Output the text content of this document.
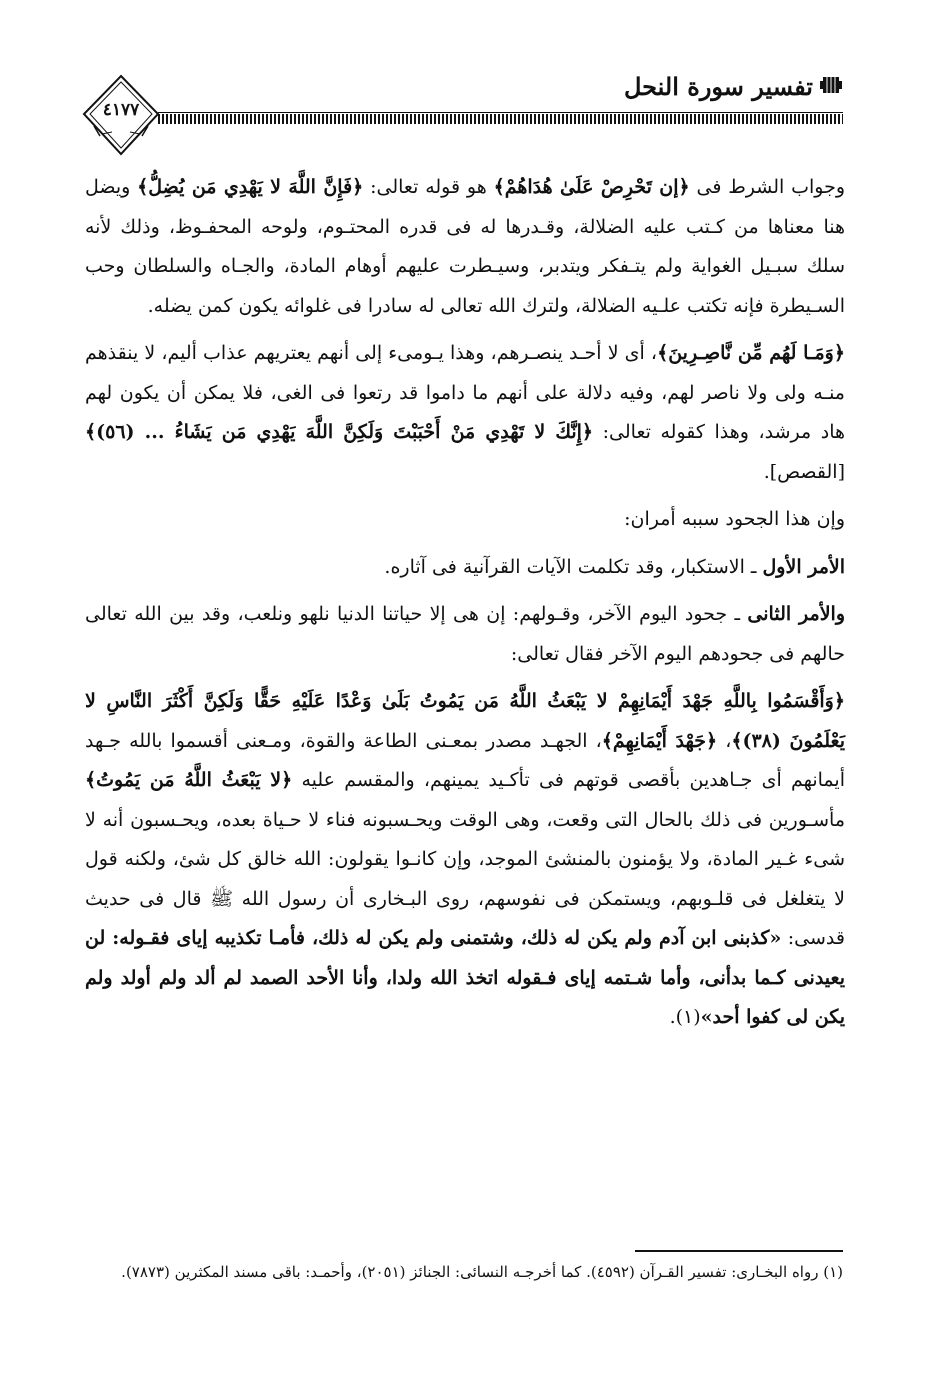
تفسير سورة النحل
٤١٧٧

وجواب الشرط فى ﴿إن تَحْرِصْ عَلَىٰ هُدَاهُمْ﴾ هو قوله تعالى: ﴿فَإِنَّ اللَّهَ لا يَهْدِي مَن يُضِلُّ﴾ ويضل هنا معناها من كـتب عليه الضلالة، وقـدرها له فى قدره المحتـوم، ولوحه المحفـوظ، وذلك لأنه سلك سبـيل الغواية ولم يتـفكر ويتدبر، وسيـطرت عليهم أوهام المادة، والجـاه والسلطان وحب السـيطرة فإنه تكتب علـيه الضلالة، ولترك الله تعالى له سادرا فى غلوائه يكون كمن يضله.

﴿وَمَـا لَهُم مِّن نَّاصِـرِينَ﴾، أى لا أحـد ينصـرهم، وهذا يـومىء إلى أنهم يعتريهم عذاب أليم، لا ينقذهم منـه ولى ولا ناصر لهم، وفيه دلالة على أنهم ما داموا قد رتعوا فى الغى، فلا يمكن أن يكون لهم هاد مرشد، وهذا كقوله تعالى: ﴿إِنَّكَ لا تَهْدِي مَنْ أَحْبَبْتَ وَلَكِنَّ اللَّهَ يَهْدِي مَن يَشَاءُ ... (٥٦)﴾ [القصص].

وإن هذا الجحود سببه أمران:

الأمر الأول ـ الاستكبار، وقد تكلمت الآيات القرآنية فى آثاره.

والأمر الثانى ـ جحود اليوم الآخر، وقـولهم: إن هى إلا حياتنا الدنيا نلهو ونلعب، وقد بين الله تعالى حالهم فى جحودهم اليوم الآخر فقال تعالى:

﴿وَأَقْسَمُوا بِاللَّهِ جَهْدَ أَيْمَانِهِمْ لا يَبْعَثُ اللَّهُ مَن يَمُوتُ بَلَىٰ وَعْدًا عَلَيْهِ حَقًّا وَلَكِنَّ أَكْثَرَ النَّاسِ لا يَعْلَمُونَ (٣٨)﴾، ﴿جَهْدَ أَيْمَانِهِمْ﴾، الجهـد مصدر بمعـنى الطاعة والقوة، ومـعنى أقسموا بالله جـهد أيمانهم أى جـاهدين بأقصى قوتهم فى تأكـيد يمينهم، والمقسم عليه ﴿لا يَبْعَثُ اللَّهُ مَن يَمُوتُ﴾ مأسـورين فى ذلك بالحال التى وقعت، وهى الوقت ويحـسبونه فناء لا حـياة بعده، ويحـسبون أنه لا شىء غـير المادة، ولا يؤمنون بالمنشئ الموجد، وإن كانـوا يقولون: الله خالق كل شئ، ولكنه قول لا يتغلغل فى قلـوبهم، ويستمكن فى نفوسهم، روى البـخارى أن رسول الله ﷺ قال فى حديث قدسى: «كذبنى ابن آدم ولم يكن له ذلك، وشتمنى ولم يكن له ذلك، فأمـا تكذيبه إياى فقـوله: لن يعيدنى كـما بدأنى، وأما شـتمه إياى فـقوله اتخذ الله ولدا، وأنا الأحد الصمد لم ألد ولم أولد ولم يكن لى كفوا أحد»(١).

(١) رواه البخـارى: تفسير القـرآن (٤٥٩٢). كما أخرجـه النسائى: الجنائز (٢٠٥١)، وأحمـد: باقى مسند المكثرين (٧٨٧٣).
